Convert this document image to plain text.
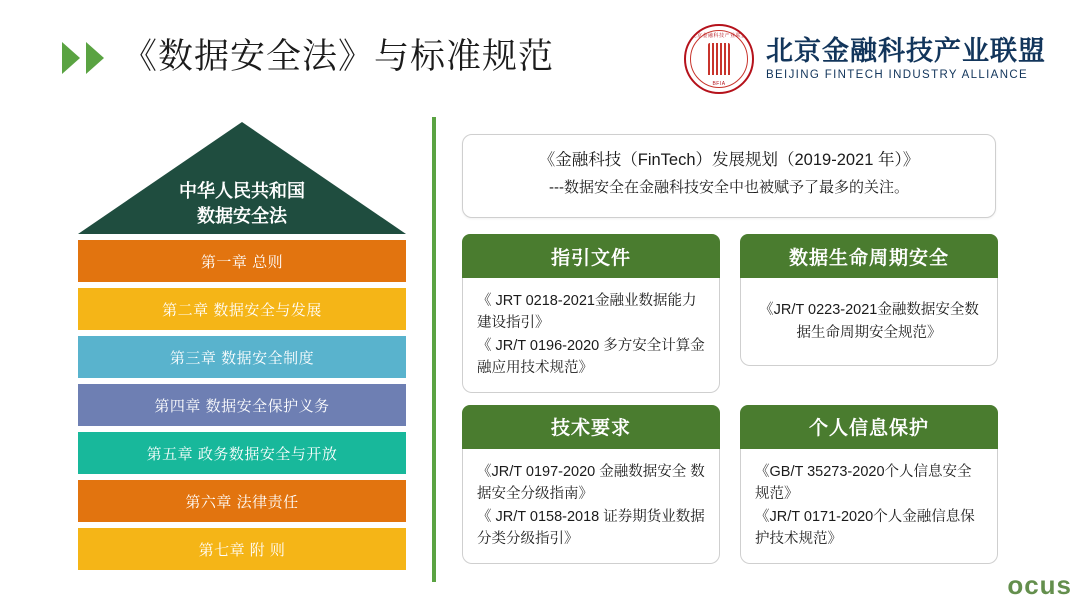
《数据安全法》与标准规范
北京金融科技产业联盟
BFIA
北京金融科技产业联盟
BEIJING FINTECH INDUSTRY ALLIANCE
中华人民共和国
数据安全法
第一章 总则
第二章 数据安全与发展
第三章 数据安全制度
第四章 数据安全保护义务
第五章 政务数据安全与开放
第六章 法律责任
第七章 附 则
《金融科技（FinTech）发展规划（2019-2021 年）》
---数据安全在金融科技安全中也被赋予了最多的关注。
指引文件

《 JRT 0218-2021金融业数据能力建设指引》

《 JR/T 0196-2020 多方安全计算金融应用技术规范》

数据生命周期安全

《JR/T 0223-2021金融数据安全数据生命周期安全规范》

技术要求

《JR/T 0197-2020 金融数据安全 数据安全分级指南》

《 JR/T 0158-2018 证券期货业数据分类分级指引》

个人信息保护

《GB/T 35273-2020个人信息安全规范》

《JR/T 0171-2020个人金融信息保护技术规范》

ocus
